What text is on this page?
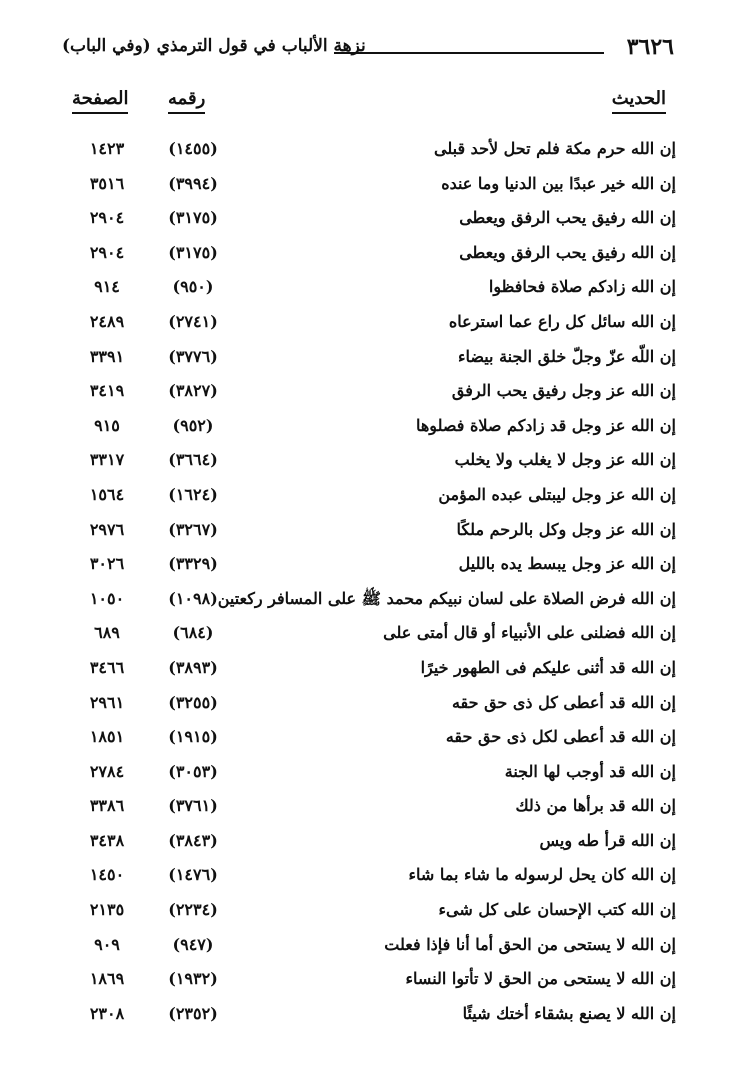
٣٦٢٦
نزهة الألباب في قول الترمذي (وفي الباب)
الحديث
رقمه
الصفحة
إن الله حرم مكة فلم تحل لأحد قبلى
(١٤٥٥)
١٤٢٣
إن الله خير عبدًا بين الدنيا وما عنده
(٣٩٩٤)
٣٥١٦
إن الله رفيق يحب الرفق ويعطى
(٣١٧٥)
٢٩٠٤
إن الله رفيق يحب الرفق ويعطى
(٣١٧٥)
٢٩٠٤
إن الله زادكم صلاة فحافظوا
(٩٥٠)
٩١٤
إن الله سائل كل راع عما استرعاه
(٢٧٤١)
٢٤٨٩
إن اللّه عزّ وجلّ خلق الجنة بيضاء
(٣٧٧٦)
٣٣٩١
إن الله عز وجل رفيق يحب الرفق
(٣٨٢٧)
٣٤١٩
إن الله عز وجل قد زادكم صلاة فصلوها
(٩٥٢)
٩١٥
إن الله عز وجل لا يغلب ولا يخلب
(٣٦٦٤)
٣٣١٧
إن الله عز وجل ليبتلى عبده المؤمن
(١٦٢٤)
١٥٦٤
إن الله عز وجل وكل بالرحم ملكًا
(٣٢٦٧)
٢٩٧٦
إن الله عز وجل يبسط يده بالليل
(٣٣٢٩)
٣٠٢٦
إن الله فرض الصلاة على لسان نبيكم محمد ﷺ على المسافر ركعتين
(١٠٩٨)
١٠٥٠
إن الله فضلنى على الأنبياء أو قال أمتى على
(٦٨٤)
٦٨٩
إن الله قد أثنى عليكم فى الطهور خيرًا
(٣٨٩٣)
٣٤٦٦
إن الله قد أعطى كل ذى حق حقه
(٣٢٥٥)
٢٩٦١
إن الله قد أعطى لكل ذى حق حقه
(١٩١٥)
١٨٥١
إن الله قد أوجب لها الجنة
(٣٠٥٣)
٢٧٨٤
إن الله قد برأها من ذلك
(٣٧٦١)
٣٣٨٦
إن الله قرأ طه ويس
(٣٨٤٣)
٣٤٣٨
إن الله كان يحل لرسوله ما شاء بما شاء
(١٤٧٦)
١٤٥٠
إن الله كتب الإحسان على كل شىء
(٢٢٣٤)
٢١٣٥
إن الله لا يستحى من الحق أما أنا فإذا فعلت
(٩٤٧)
٩٠٩
إن الله لا يستحى من الحق لا تأتوا النساء
(١٩٣٢)
١٨٦٩
إن الله لا يصنع بشقاء أختك شيئًا
(٢٣٥٢)
٢٣٠٨
